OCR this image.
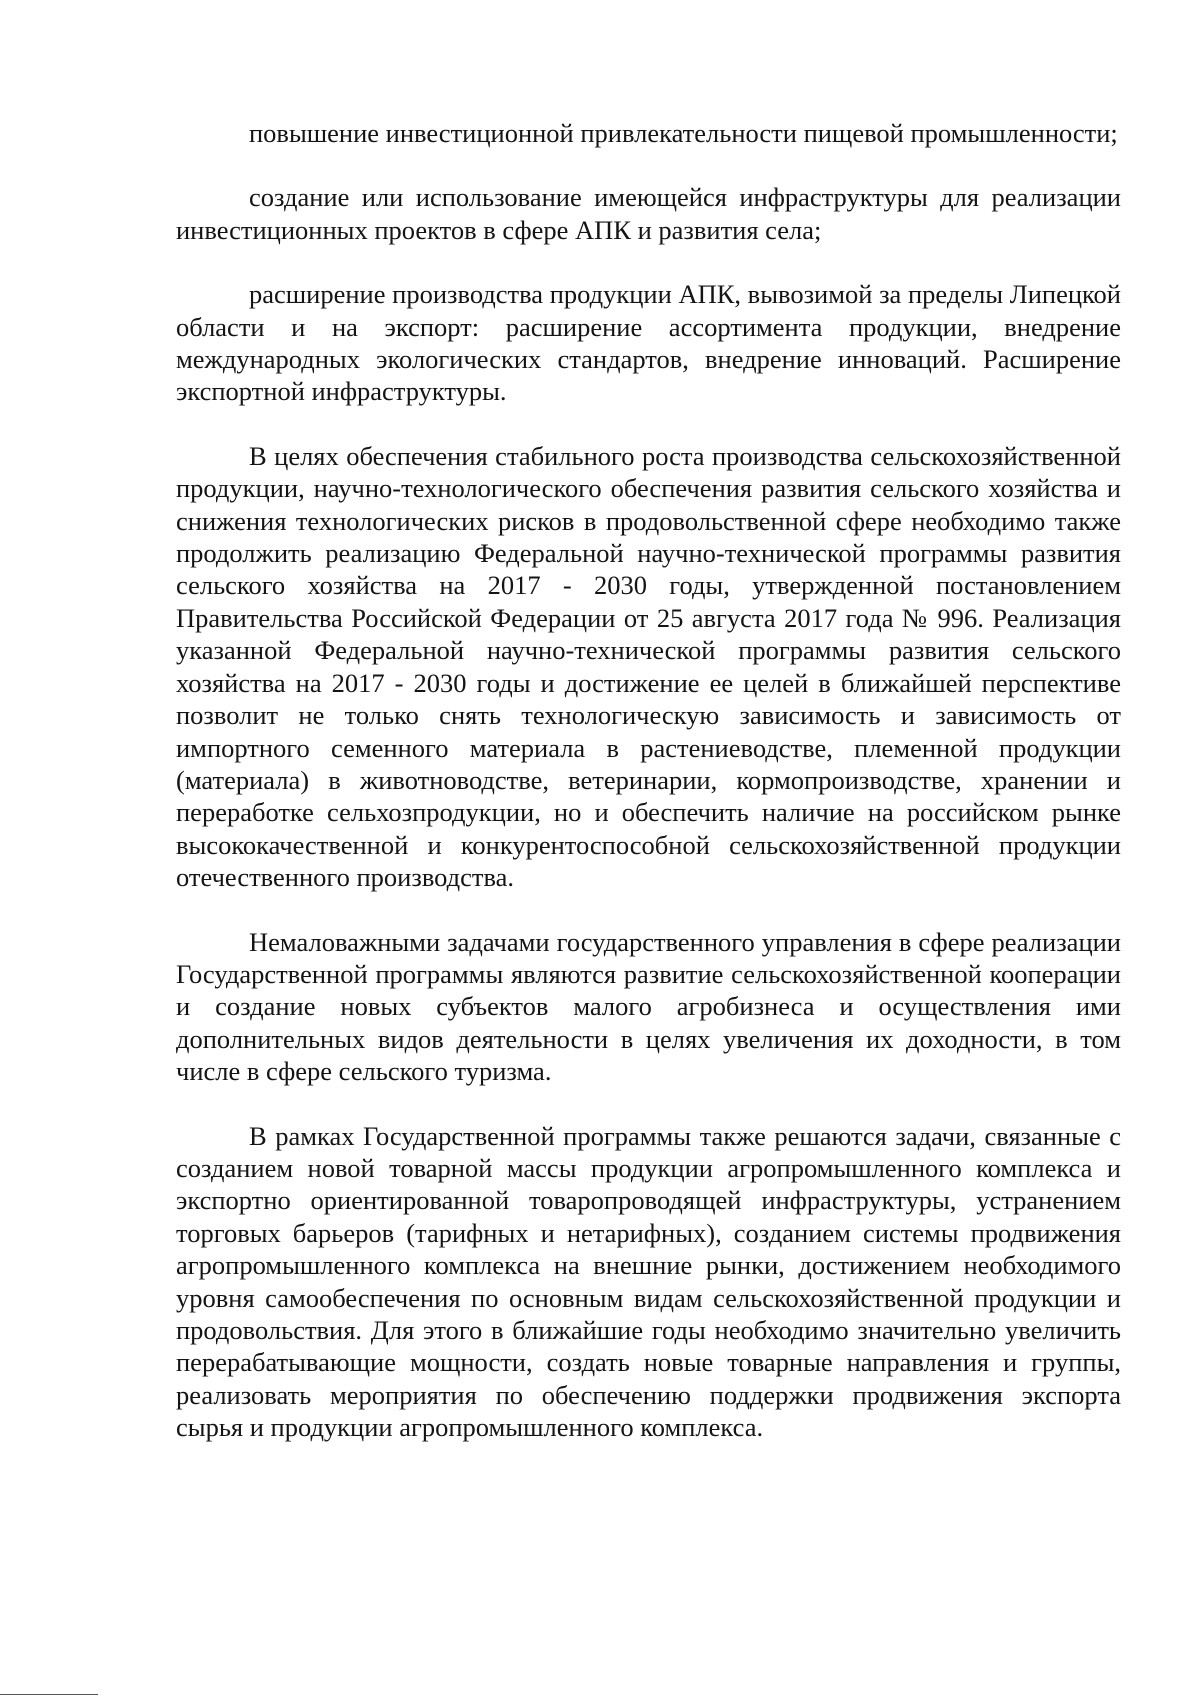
повышение инвестиционной привлекательности пищевой промышленности;

создание или использование имеющейся инфраструктуры для реализации инвестиционных проектов в сфере АПК и развития села;

расширение производства продукции АПК, вывозимой за пределы Липецкой области и на экспорт: расширение ассортимента продукции, внедрение международных экологических стандартов, внедрение инноваций. Расширение экспортной инфраструктуры.

В целях обеспечения стабильного роста производства сельскохозяйственной продукции, научно-технологического обеспечения развития сельского хозяйства и снижения технологических рисков в продовольственной сфере необходимо также продолжить реализацию Федеральной научно-технической программы развития сельского хозяйства на 2017 - 2030 годы, утвержденной постановлением Правительства Российской Федерации от 25 августа 2017 года № 996. Реализация указанной Федеральной научно-технической программы развития сельского хозяйства на 2017 - 2030 годы и достижение ее целей в ближайшей перспективе позволит не только снять технологическую зависимость и зависимость от импортного семенного материала в растениеводстве, племенной продукции (материала) в животноводстве, ветеринарии, кормопроизводстве, хранении и переработке сельхозпродукции, но и обеспечить наличие на российском рынке высококачественной и конкурентоспособной сельскохозяйственной продукции отечественного производства.

Немаловажными задачами государственного управления в сфере реализации Государственной программы являются развитие сельскохозяйственной кооперации и создание новых субъектов малого агробизнеса и осуществления ими дополнительных видов деятельности в целях увеличения их доходности, в том числе в сфере сельского туризма.

В рамках Государственной программы также решаются задачи, связанные с созданием новой товарной массы продукции агропромышленного комплекса и экспортно ориентированной товаропроводящей инфраструктуры, устранением торговых барьеров (тарифных и нетарифных), созданием системы продвижения агропромышленного комплекса на внешние рынки, достижением необходимого уровня самообеспечения по основным видам сельскохозяйственной продукции и продовольствия. Для этого в ближайшие годы необходимо значительно увеличить перерабатывающие мощности, создать новые товарные направления и группы, реализовать мероприятия по обеспечению поддержки продвижения экспорта сырья и продукции агропромышленного комплекса.
